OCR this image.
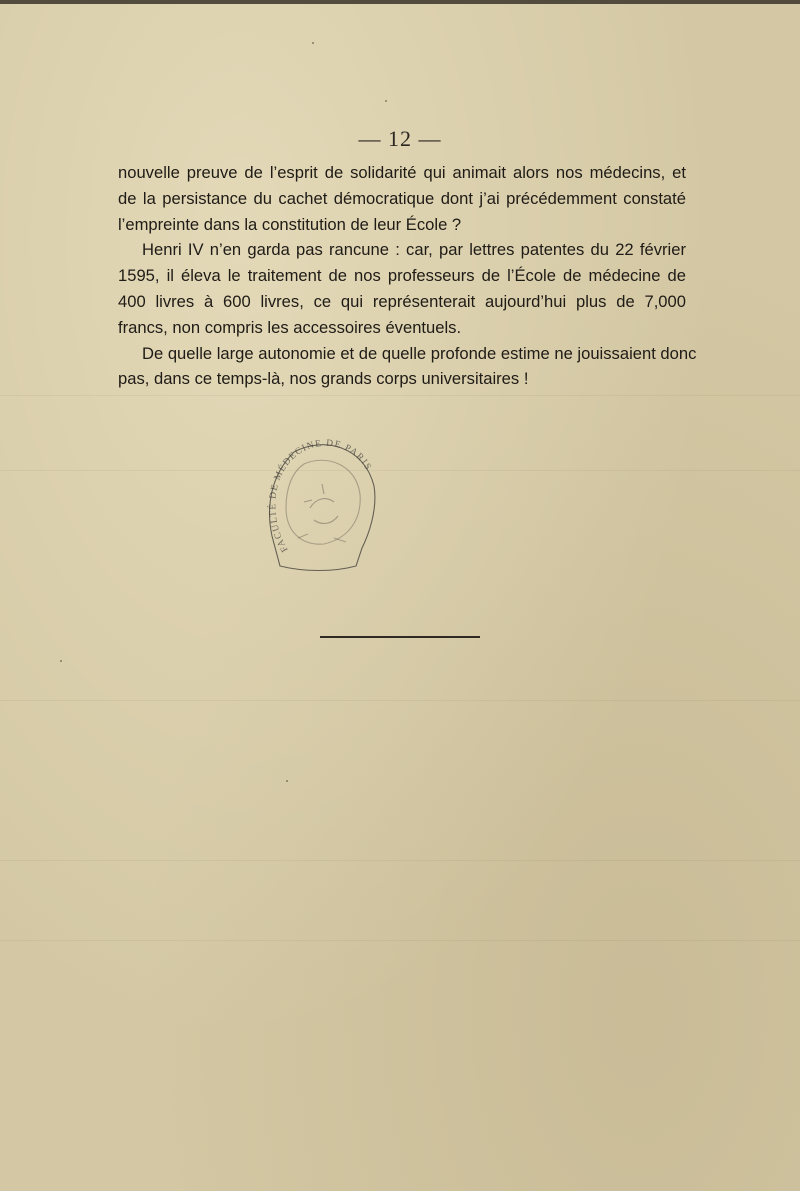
— 12 —
nouvelle preuve de l’esprit de solidarité qui animait alors nos médecins, et
de la persistance du cachet démocratique dont j’ai précédemment constaté
l’empreinte dans la constitution de leur École ?
Henri IV n’en garda pas rancune : car, par lettres patentes du 22 février
1595, il éleva le traitement de nos professeurs de l’École de médecine de
400 livres à 600 livres, ce qui représenterait aujourd’hui plus de 7,000
francs, non compris les accessoires éventuels.
De quelle large autonomie et de quelle profonde estime ne jouissaient donc
pas, dans ce temps-là, nos grands corps universitaires !
FACULTÉ DE MÉDECINE DE PARIS
